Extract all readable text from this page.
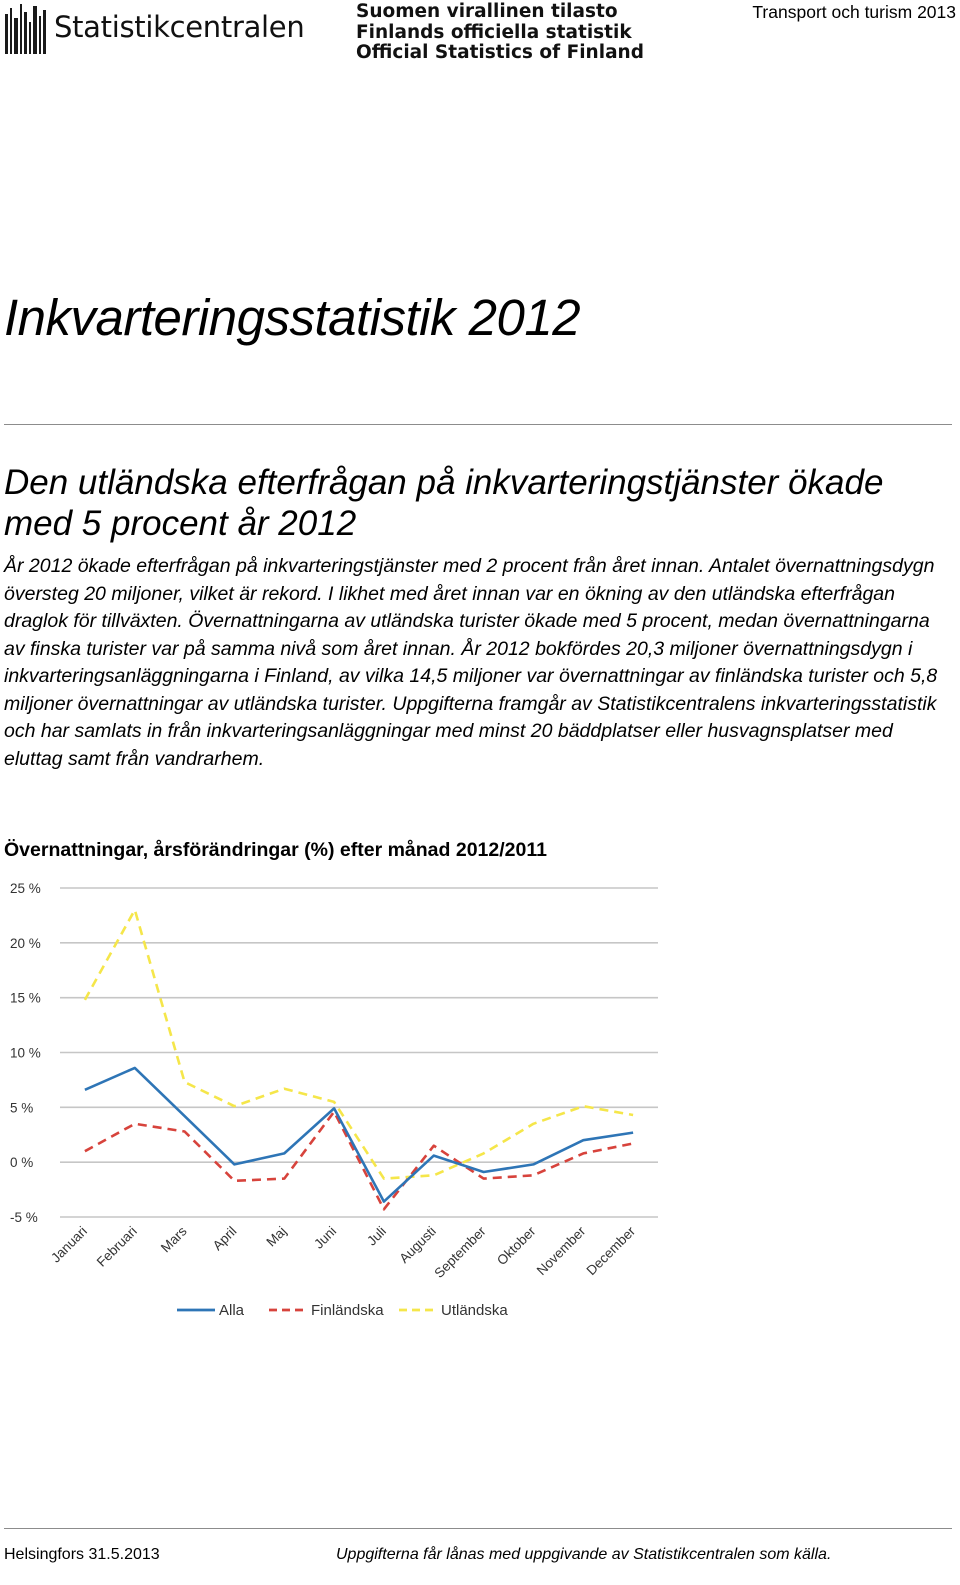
Statistikcentralen	Suomen virallinen tilasto
Finlands officiella statistik
Official Statistics of Finland
Transport och turism 2013
Inkvarteringsstatistik 2012
Den utländska efterfrågan på inkvarteringstjänster ökade med 5 procent år 2012

År 2012 ökade efterfrågan på inkvarteringstjänster med 2 procent från året innan. Antalet övernattningsdygn översteg 20 miljoner, vilket är rekord. I likhet med året innan var en ökning av den utländska efterfrågan draglok för tillväxten. Övernattningarna av utländska turister ökade med 5 procent, medan övernattningarna av finska turister var på samma nivå som året innan. År 2012 bokfördes 20,3 miljoner övernattningsdygn i inkvarteringsanläggningarna i Finland, av vilka 14,5 miljoner var övernattningar av finländska turister och 5,8 miljoner övernattningar av utländska turister. Uppgifterna framgår av Statistikcentralens inkvarteringsstatistik och har samlats in från inkvarteringsanläggningar med minst 20 bäddplatser eller husvagnsplatser med eluttag samt från vandrarhem.

Övernattningar, årsförändringar (%) efter månad 2012/2011
25 %
20 %
15 %
10 %
5 %
0 %
-5 %
Januari Februari Mars April Maj Juni Juli Augusti
September Oktober
November
December
Alla	Finländska	Utländska
Helsingfors 31.5.2013	Uppgifterna får lånas med uppgivande av Statistikcentralen som källa.
